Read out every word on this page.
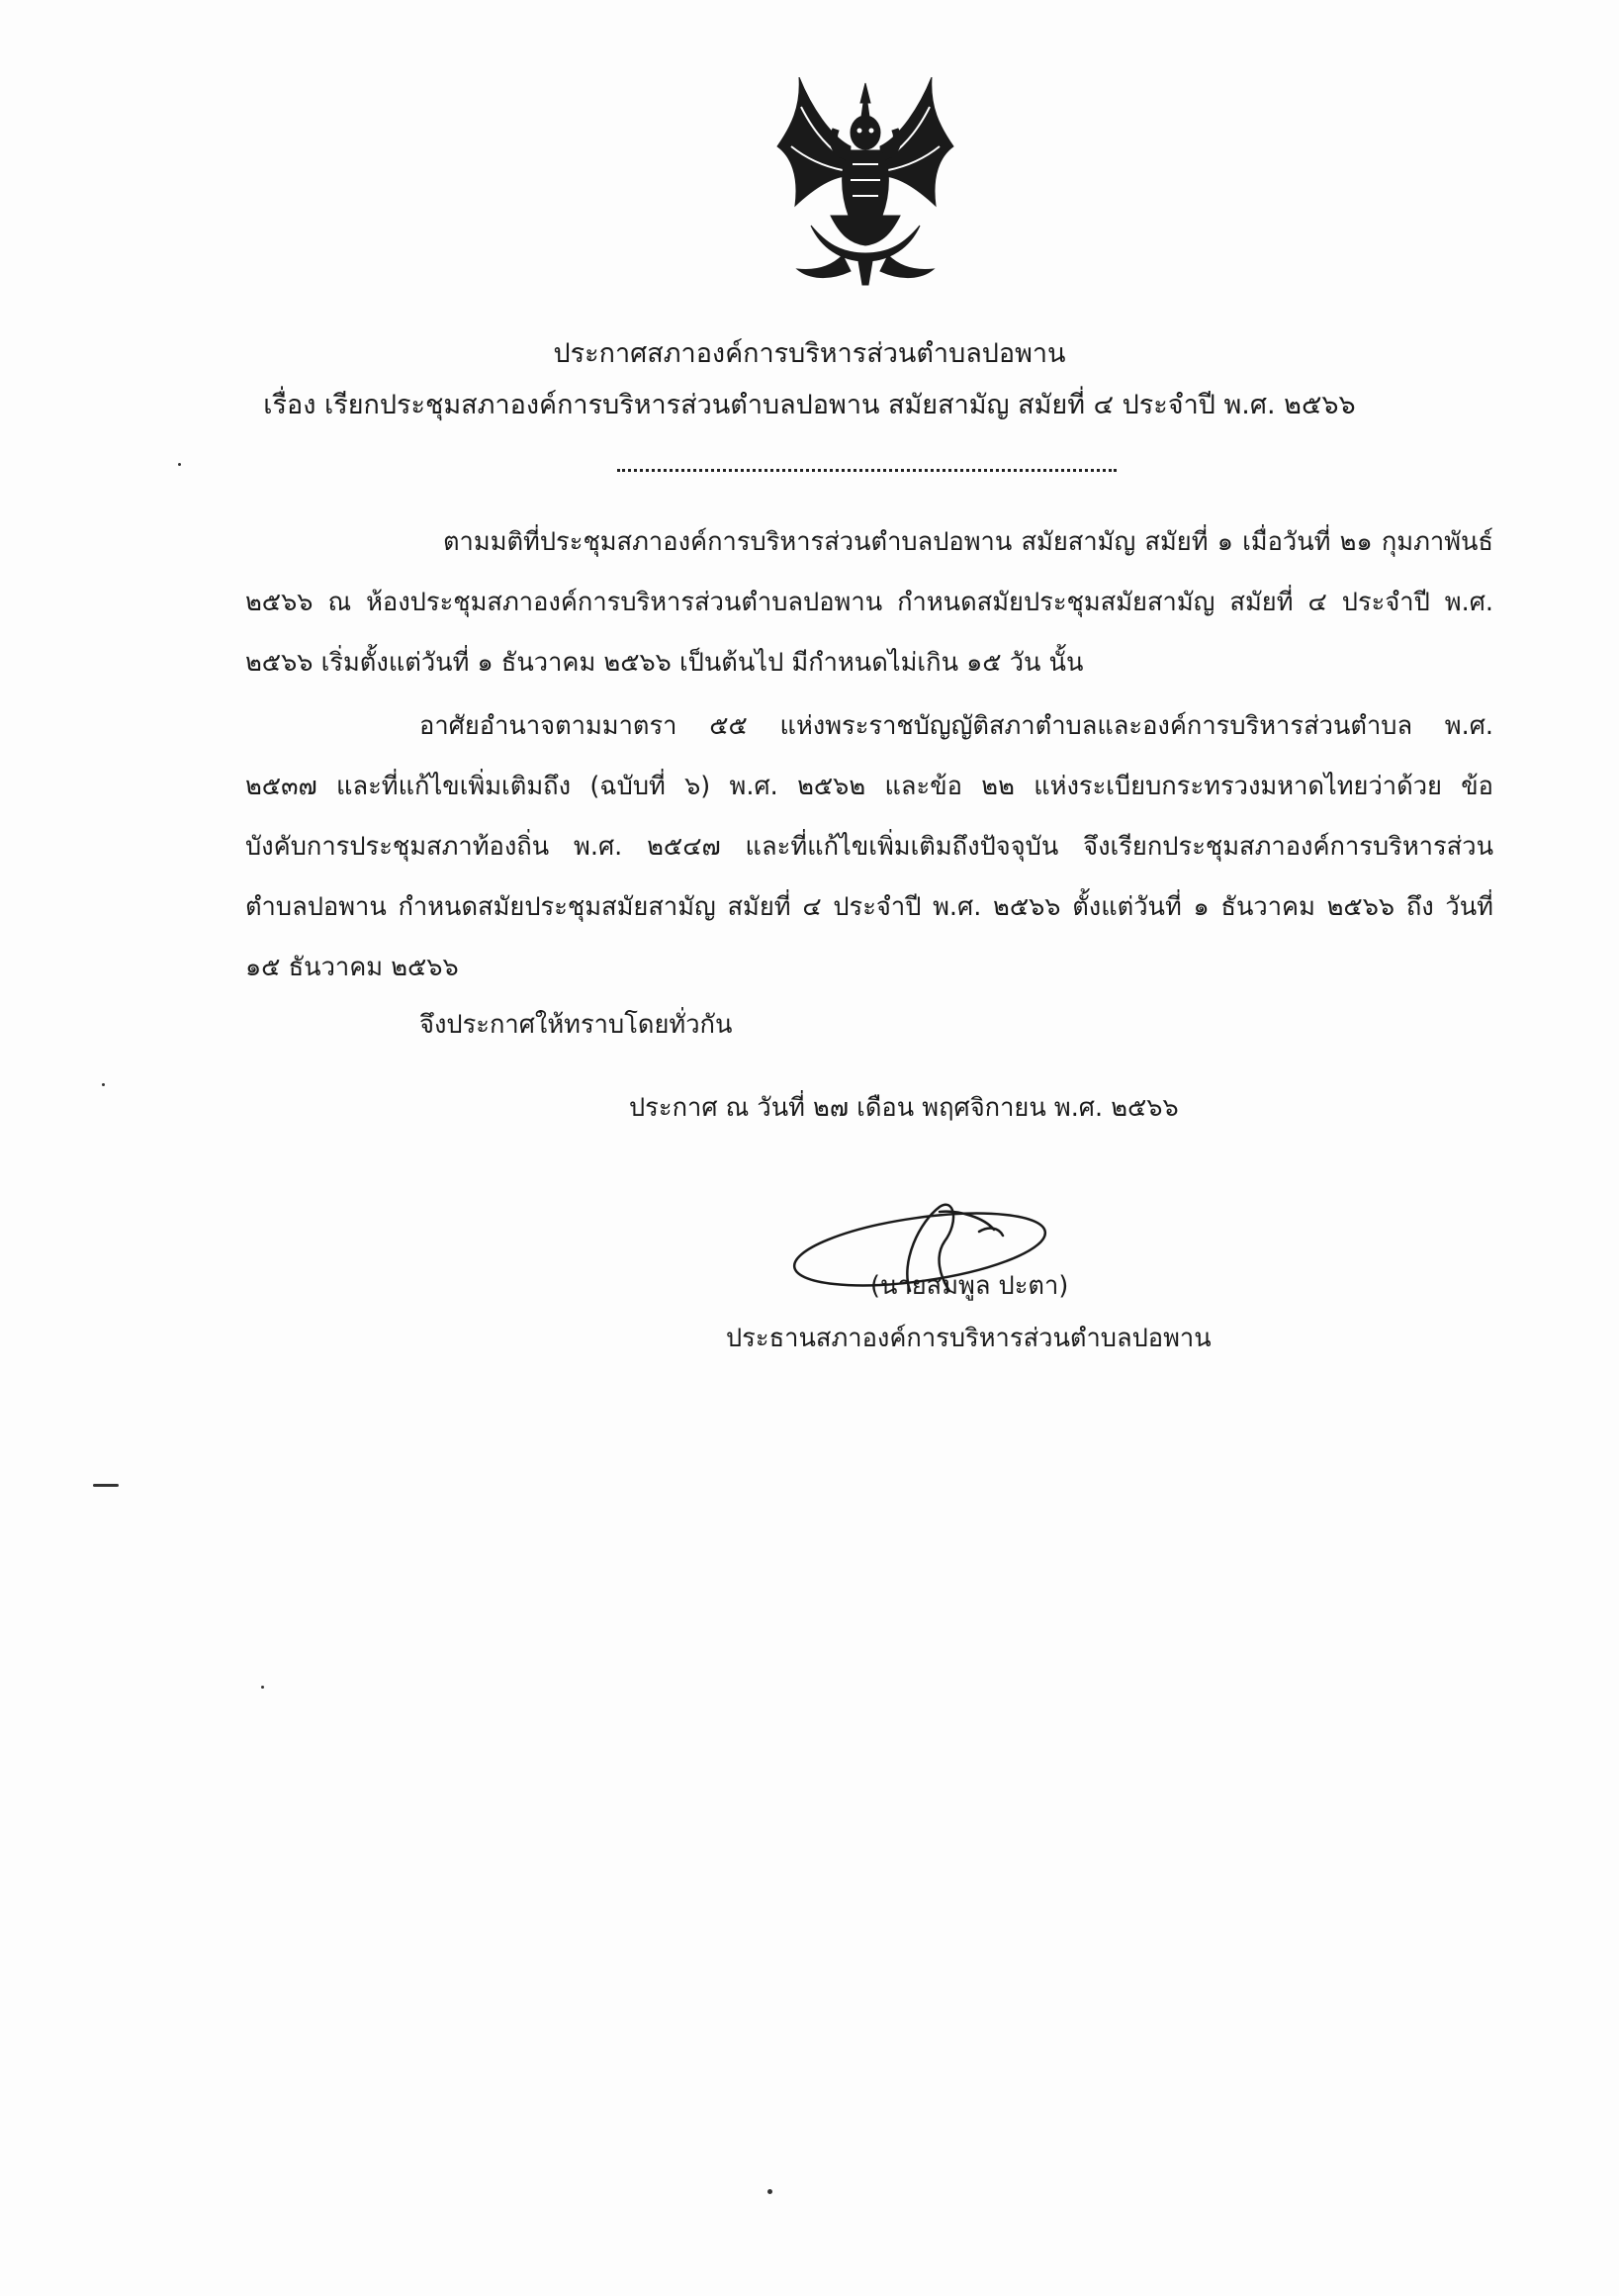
ประกาศสภาองค์การบริหารส่วนตำบลปอพาน
เรื่อง เรียกประชุมสภาองค์การบริหารส่วนตำบลปอพาน สมัยสามัญ สมัยที่ ๔ ประจำปี พ.ศ. ๒๕๖๖
ตามมติที่ประชุมสภาองค์การบริหารส่วนตำบลปอพาน สมัยสามัญ สมัยที่ ๑ เมื่อวันที่ ๒๑ กุมภาพันธ์ ๒๕๖๖ ณ ห้องประชุมสภาองค์การบริหารส่วนตำบลปอพาน กำหนดสมัยประชุมสมัยสามัญ สมัยที่ ๔ ประจำปี พ.ศ. ๒๕๖๖ เริ่มตั้งแต่วันที่ ๑ ธันวาคม ๒๕๖๖ เป็นต้นไป มีกำหนดไม่เกิน ๑๕ วัน นั้น
อาศัยอำนาจตามมาตรา ๕๕ แห่งพระราชบัญญัติสภาตำบลและองค์การบริหารส่วนตำบล พ.ศ. ๒๕๓๗ และที่แก้ไขเพิ่มเติมถึง (ฉบับที่ ๖) พ.ศ. ๒๕๖๒ และข้อ ๒๒ แห่งระเบียบกระทรวงมหาดไทยว่าด้วย ข้อบังคับการประชุมสภาท้องถิ่น พ.ศ. ๒๕๔๗ และที่แก้ไขเพิ่มเติมถึงปัจจุบัน จึงเรียกประชุมสภาองค์การบริหารส่วน ตำบลปอพาน กำหนดสมัยประชุมสมัยสามัญ สมัยที่ ๔ ประจำปี พ.ศ. ๒๕๖๖ ตั้งแต่วันที่ ๑ ธันวาคม ๒๕๖๖ ถึง วันที่ ๑๕ ธันวาคม ๒๕๖๖
จึงประกาศให้ทราบโดยทั่วกัน
ประกาศ ณ วันที่ ๒๗ เดือน พฤศจิกายน พ.ศ. ๒๕๖๖
(นายสมพูล ปะตา)
ประธานสภาองค์การบริหารส่วนตำบลปอพาน
